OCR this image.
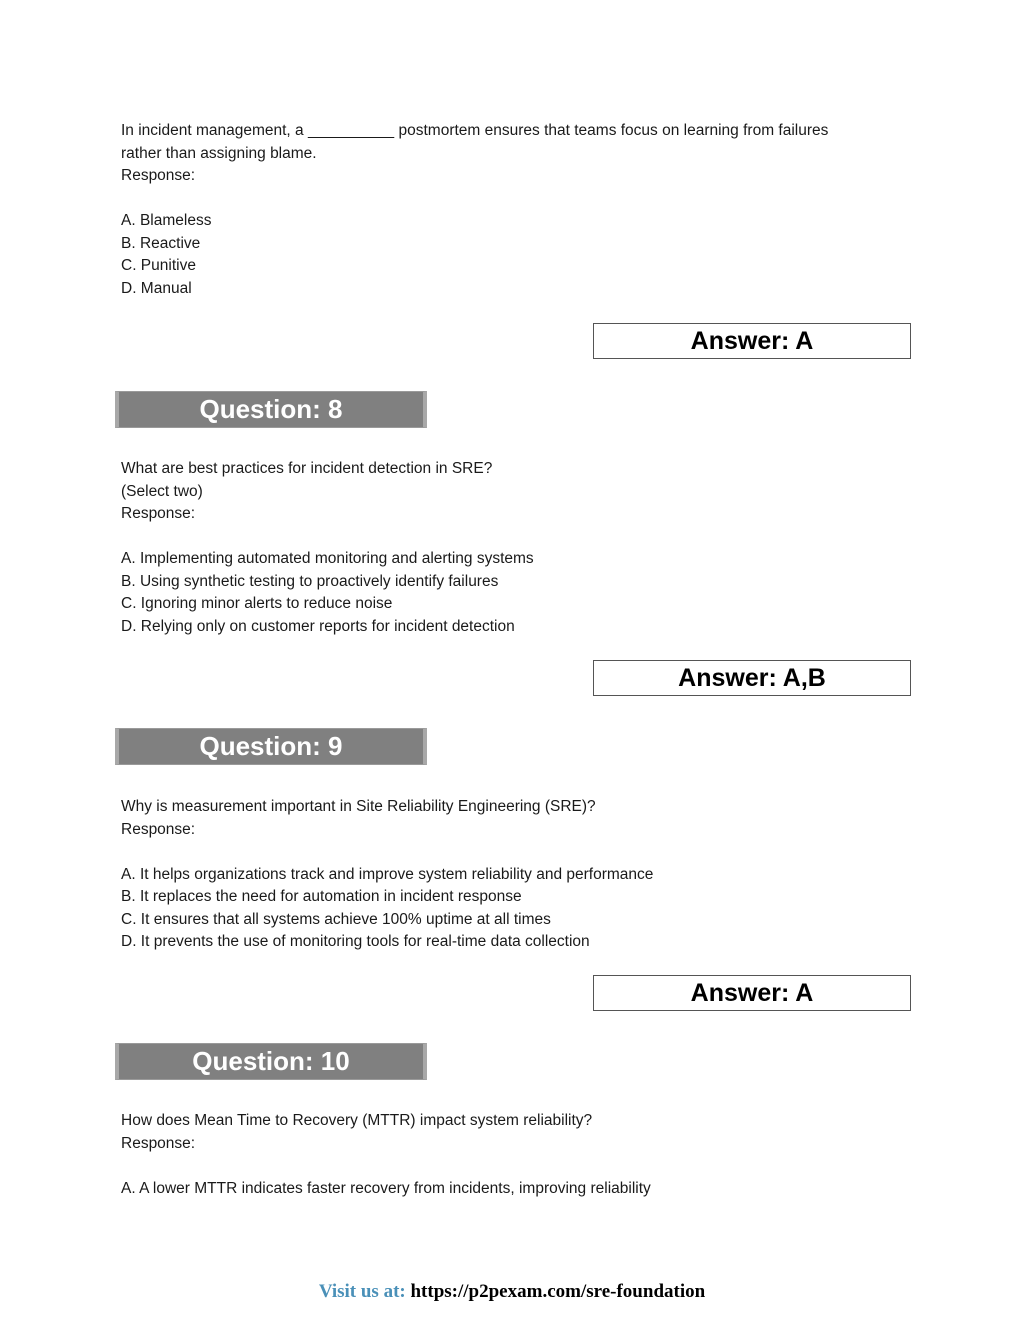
In incident management, a __________ postmortem ensures that teams focus on learning from failures
rather than assigning blame.
Response:
A. Blameless
B. Reactive
C. Punitive
D. Manual
Answer: A
Question: 8
What are best practices for incident detection in SRE?
(Select two)
Response:
A. Implementing automated monitoring and alerting systems
B. Using synthetic testing to proactively identify failures
C. Ignoring minor alerts to reduce noise
D. Relying only on customer reports for incident detection
Answer: A,B
Question: 9
Why is measurement important in Site Reliability Engineering (SRE)?
Response:
A. It helps organizations track and improve system reliability and performance
B. It replaces the need for automation in incident response
C. It ensures that all systems achieve 100% uptime at all times
D. It prevents the use of monitoring tools for real-time data collection
Answer: A
Question: 10
How does Mean Time to Recovery (MTTR) impact system reliability?
Response:
A. A lower MTTR indicates faster recovery from incidents, improving reliability
Visit us at: https://p2pexam.com/sre-foundation
